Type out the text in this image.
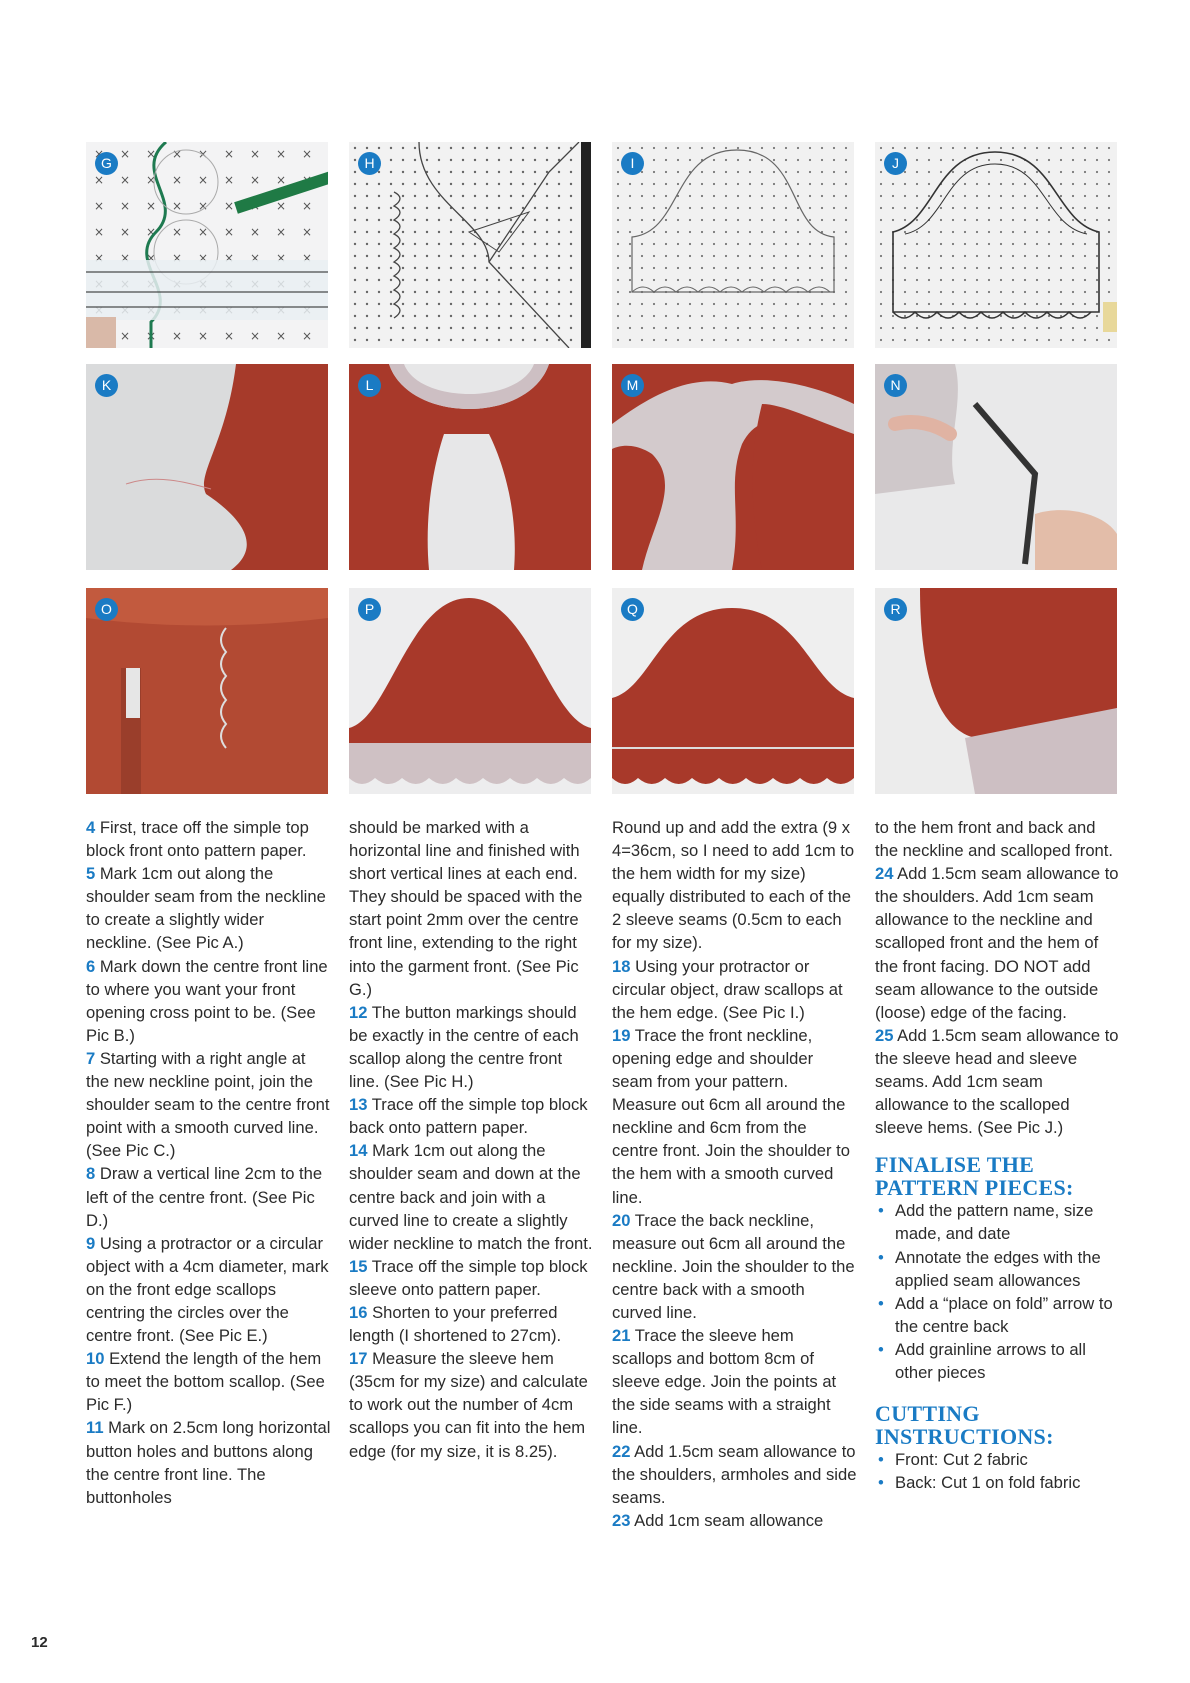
G	H	I	J
K	L	M	N
O	P	Q	R

4 First, trace off the simple top block front onto pattern paper.

5 Mark 1cm out along the shoulder seam from the neckline to create a slightly wider neckline. (See Pic A.)

6 Mark down the centre front line to where you want your front opening cross point to be. (See Pic B.)

7 Starting with a right angle at the new neckline point, join the shoulder seam to the centre front point with a smooth curved line. (See Pic C.)

8 Draw a vertical line 2cm to the left of the centre front. (See Pic D.)

9 Using a protractor or a circular object with a 4cm diameter, mark on the front edge scallops centring the circles over the centre front. (See Pic E.)

10 Extend the length of the hem to meet the bottom scallop. (See Pic F.)

11 Mark on 2.5cm long horizontal button holes and buttons along the centre front line. The buttonholes

should be marked with a horizontal line and finished with short vertical lines at each end. They should be spaced with the start point 2mm over the centre front line, extending to the right into the garment front. (See Pic G.)

12 The button markings should be exactly in the centre of each scallop along the centre front line. (See Pic H.)

13 Trace off the simple top block back onto pattern paper.

14 Mark 1cm out along the shoulder seam and down at the centre back and join with a curved line to create a slightly wider neckline to match the front.

15 Trace off the simple top block sleeve onto pattern paper.

16 Shorten to your preferred length (I shortened to 27cm).

17 Measure the sleeve hem (35cm for my size) and calculate to work out the number of 4cm scallops you can fit into the hem edge (for my size, it is 8.25).

Round up and add the extra (9 x 4=36cm, so I need to add 1cm to the hem width for my size) equally distributed to each of the 2 sleeve seams (0.5cm to each for my size).

18 Using your protractor or circular object, draw scallops at the hem edge. (See Pic I.)

19 Trace the front neckline, opening edge and shoulder seam from your pattern. Measure out 6cm all around the neckline and 6cm from the centre front. Join the shoulder to the hem with a smooth curved line.

20 Trace the back neckline, measure out 6cm all around the neckline. Join the shoulder to the centre back with a smooth curved line.

21 Trace the sleeve hem scallops and bottom 8cm of sleeve edge. Join the points at the side seams with a straight line.

22 Add 1.5cm seam allowance to the shoulders, armholes and side seams.

23 Add 1cm seam allowance

to the hem front and back and the neckline and scalloped front.

24 Add 1.5cm seam allowance to the shoulders. Add 1cm seam allowance to the neckline and scalloped front and the hem of the front facing. DO NOT add seam allowance to the outside (loose) edge of the facing.

25 Add 1.5cm seam allowance to the sleeve head and sleeve seams. Add 1cm seam allowance to the scalloped sleeve hems. (See Pic J.)

FINALISE THE PATTERN PIECES:
• Add the pattern name, size made, and date
• Annotate the edges with the applied seam allowances
• Add a “place on fold” arrow to the centre back
• Add grainline arrows to all other pieces
CUTTING INSTRUCTIONS:
• Front: Cut 2 fabric
• Back: Cut 1 on fold fabric
12
